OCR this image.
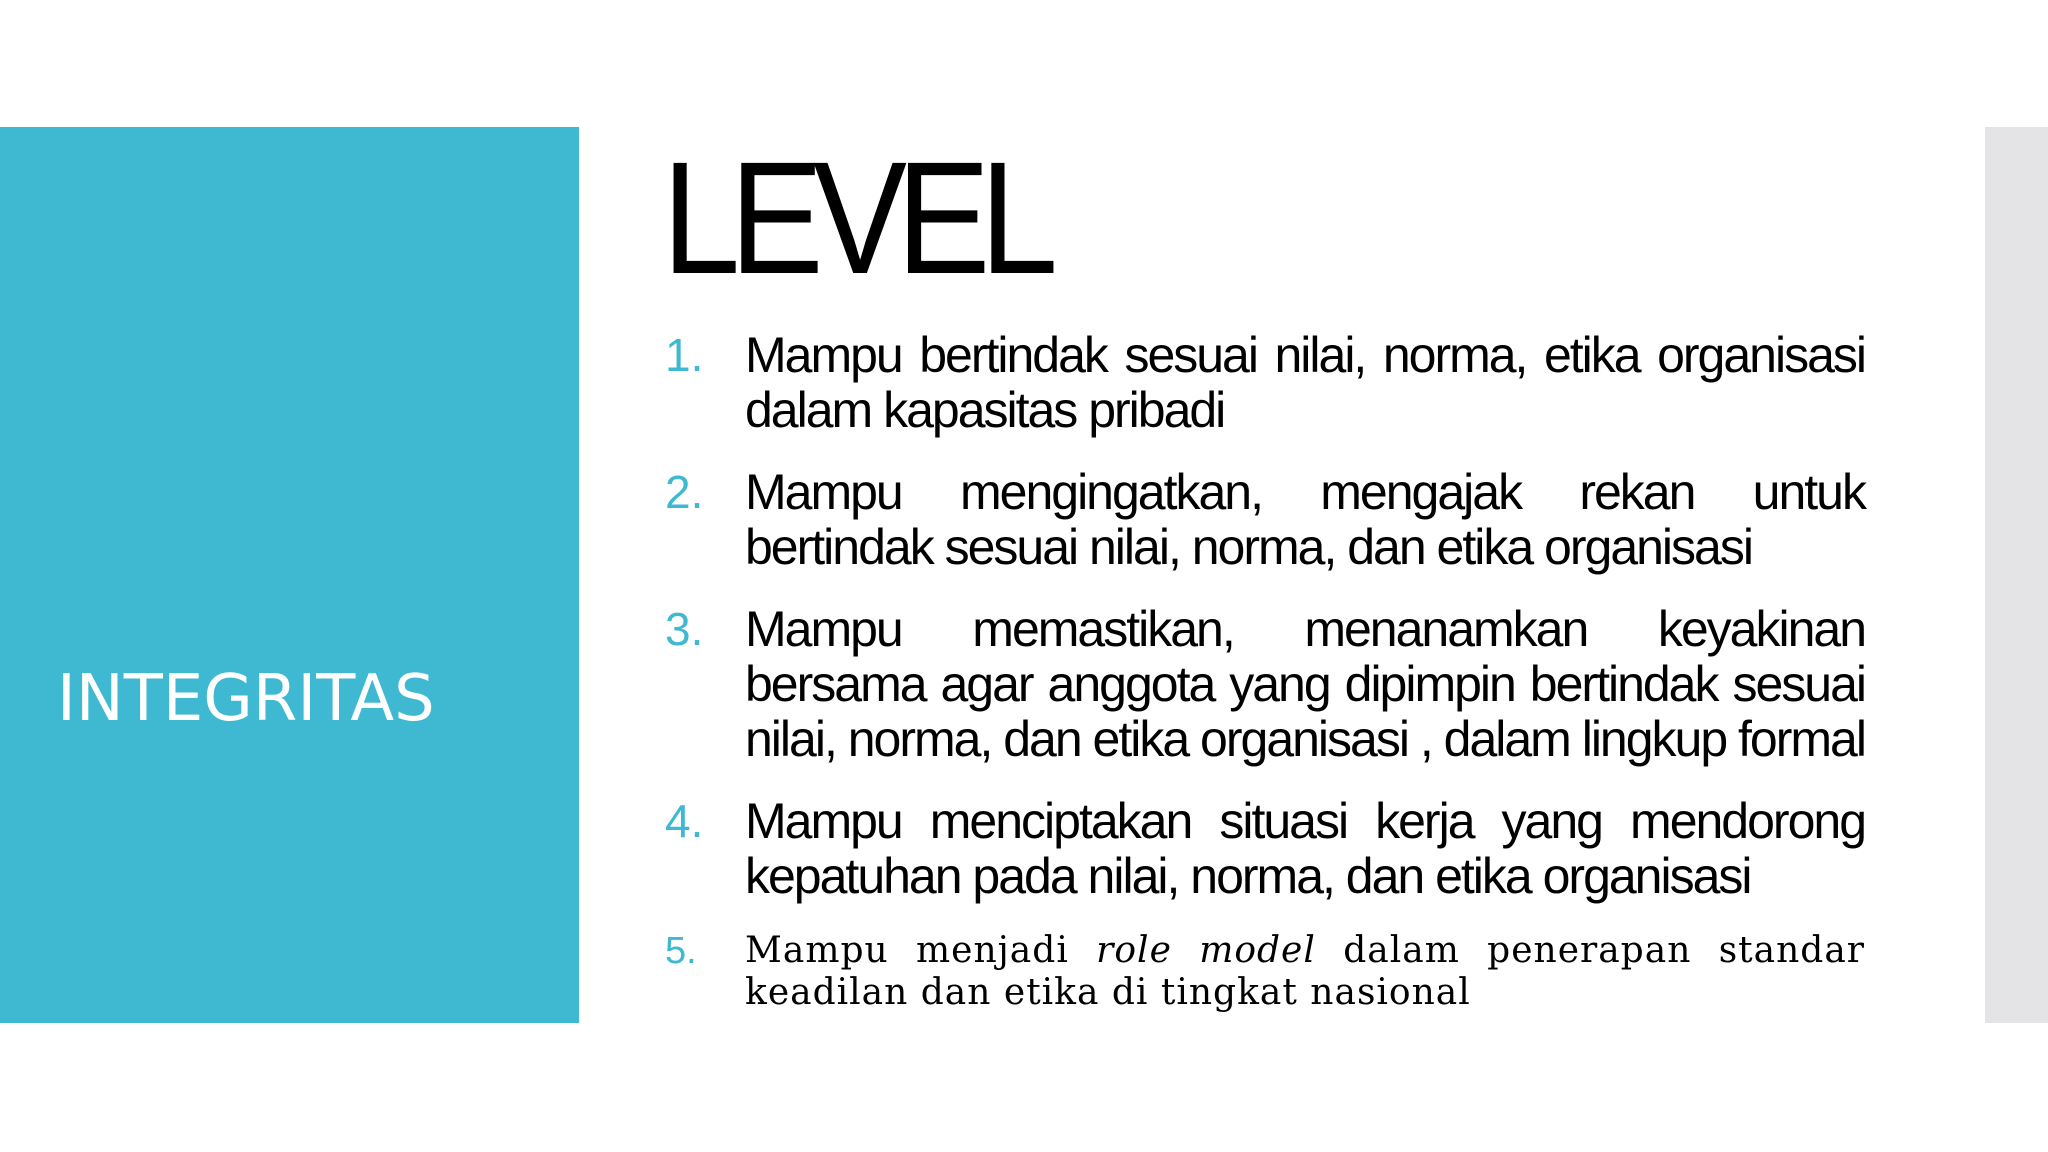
INTEGRITAS
LEVEL
1. Mampu bertindak sesuai nilai, norma, etika organisasi dalam kapasitas pribadi
2. Mampu mengingatkan, mengajak rekan untuk bertindak sesuai nilai, norma, dan etika organisasi
3. Mampu memastikan, menanamkan keyakinan bersama agar anggota yang dipimpin bertindak sesuai nilai, norma, dan etika organisasi , dalam lingkup formal
4. Mampu menciptakan situasi kerja yang mendorong kepatuhan pada nilai, norma, dan etika organisasi
5. Mampu menjadi role model dalam penerapan standar keadilan dan etika di tingkat nasional
